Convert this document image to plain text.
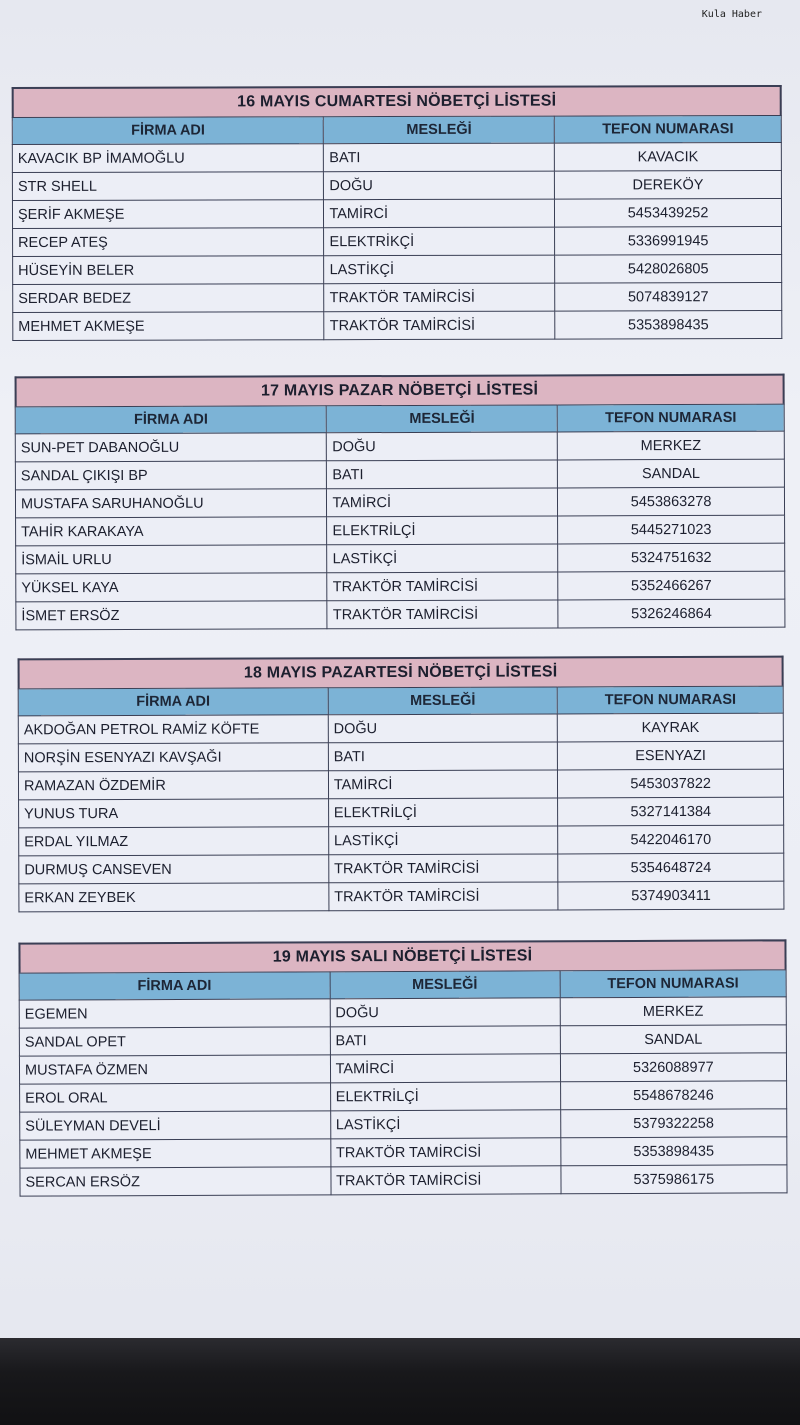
Kula Haber
16 MAYIS CUMARTESİ NÖBETÇİ LİSTESİ
FİRMA ADI	MESLEĞİ	TEFON NUMARASI
KAVACIK BP İMAMOĞLU	BATI	KAVACIK
STR SHELL	DOĞU	DEREKÖY
ŞERİF AKMEŞE	TAMİRCİ	5453439252
RECEP ATEŞ	ELEKTRİKÇİ	5336991945
HÜSEYİN BELER	LASTİKÇİ	5428026805
SERDAR BEDEZ	TRAKTÖR TAMİRCİSİ	5074839127
MEHMET AKMEŞE	TRAKTÖR TAMİRCİSİ	5353898435
17 MAYIS PAZAR NÖBETÇİ LİSTESİ
FİRMA ADI	MESLEĞİ	TEFON NUMARASI
SUN-PET DABANOĞLU	DOĞU	MERKEZ
SANDAL ÇIKIŞI BP	BATI	SANDAL
MUSTAFA SARUHANOĞLU	TAMİRCİ	5453863278
TAHİR KARAKAYA	ELEKTRİLÇİ	5445271023
İSMAİL URLU	LASTİKÇİ	5324751632
YÜKSEL KAYA	TRAKTÖR TAMİRCİSİ	5352466267
İSMET ERSÖZ	TRAKTÖR TAMİRCİSİ	5326246864
18 MAYIS PAZARTESİ NÖBETÇİ LİSTESİ
FİRMA ADI	MESLEĞİ	TEFON NUMARASI
AKDOĞAN PETROL RAMİZ KÖFTE	DOĞU	KAYRAK
NORŞİN ESENYAZI KAVŞAĞI	BATI	ESENYAZI
RAMAZAN ÖZDEMİR	TAMİRCİ	5453037822
YUNUS TURA	ELEKTRİLÇİ	5327141384
ERDAL YILMAZ	LASTİKÇİ	5422046170
DURMUŞ CANSEVEN	TRAKTÖR TAMİRCİSİ	5354648724
ERKAN ZEYBEK	TRAKTÖR TAMİRCİSİ	5374903411
19 MAYIS SALI NÖBETÇİ LİSTESİ
FİRMA ADI	MESLEĞİ	TEFON NUMARASI
EGEMEN	DOĞU	MERKEZ
SANDAL OPET	BATI	SANDAL
MUSTAFA ÖZMEN	TAMİRCİ	5326088977
EROL ORAL	ELEKTRİLÇİ	5548678246
SÜLEYMAN DEVELİ	LASTİKÇİ	5379322258
MEHMET AKMEŞE	TRAKTÖR TAMİRCİSİ	5353898435
SERCAN ERSÖZ	TRAKTÖR TAMİRCİSİ	5375986175
